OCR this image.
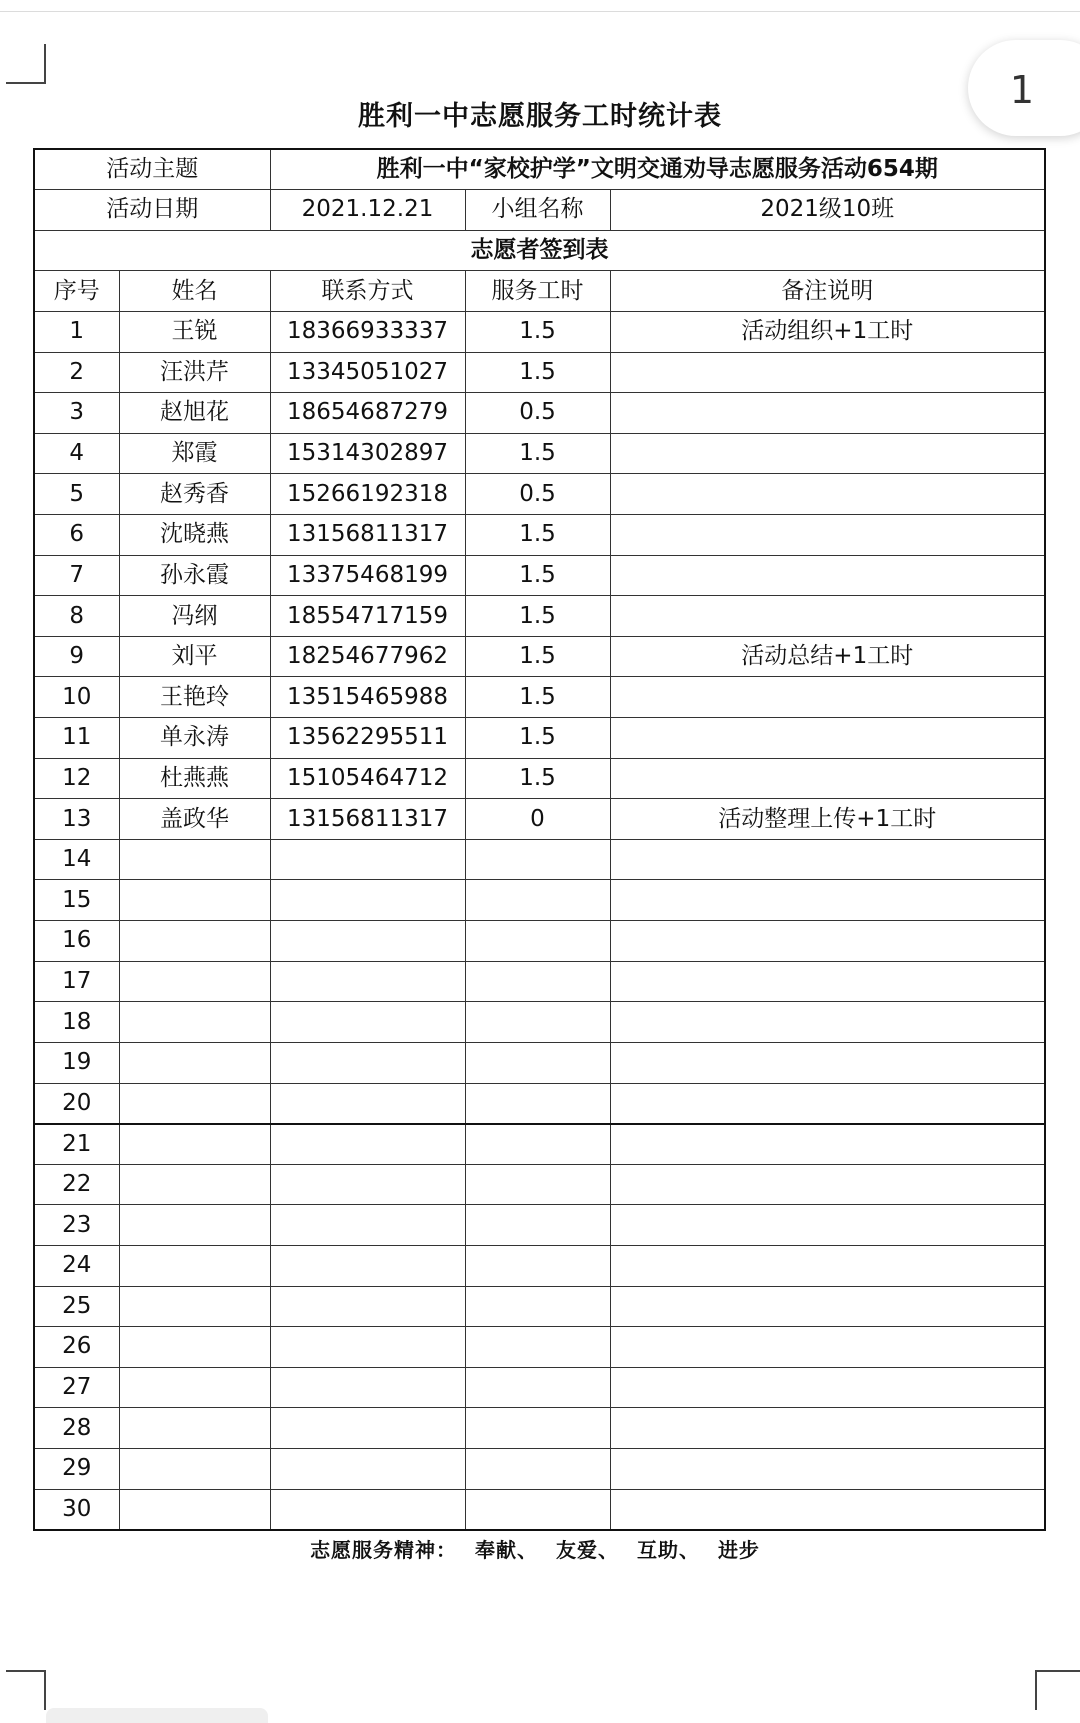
1
胜利一中志愿服务工时统计表
活动主题		胜利一中“家校护学”文明交通劝导志愿服务活动654期		
活动日期		2021.12.21	小组名称	2021级10班
志愿者签到表				
序号	姓名	联系方式	服务工时	备注说明
1	王锐	18366933337	1.5	活动组织+1工时
2	汪洪芹	13345051027	1.5	
3	赵旭花	18654687279	0.5	
4	郑霞	15314302897	1.5	
5	赵秀香	15266192318	0.5	
6	沈晓燕	13156811317	1.5	
7	孙永霞	13375468199	1.5	
8	冯纲	18554717159	1.5	
9	刘平	18254677962	1.5	活动总结+1工时
10	王艳玲	13515465988	1.5	
11	单永涛	13562295511	1.5	
12	杜燕燕	15105464712	1.5	
13	盖政华	13156811317	0	活动整理上传+1工时
14				
15				
16				
17				
18				
19				
20				
21				
22				
23				
24				
25				
26				
27				
28				
29				
30				
志愿服务精神： 奉献、 友爱、 互助、 进步
